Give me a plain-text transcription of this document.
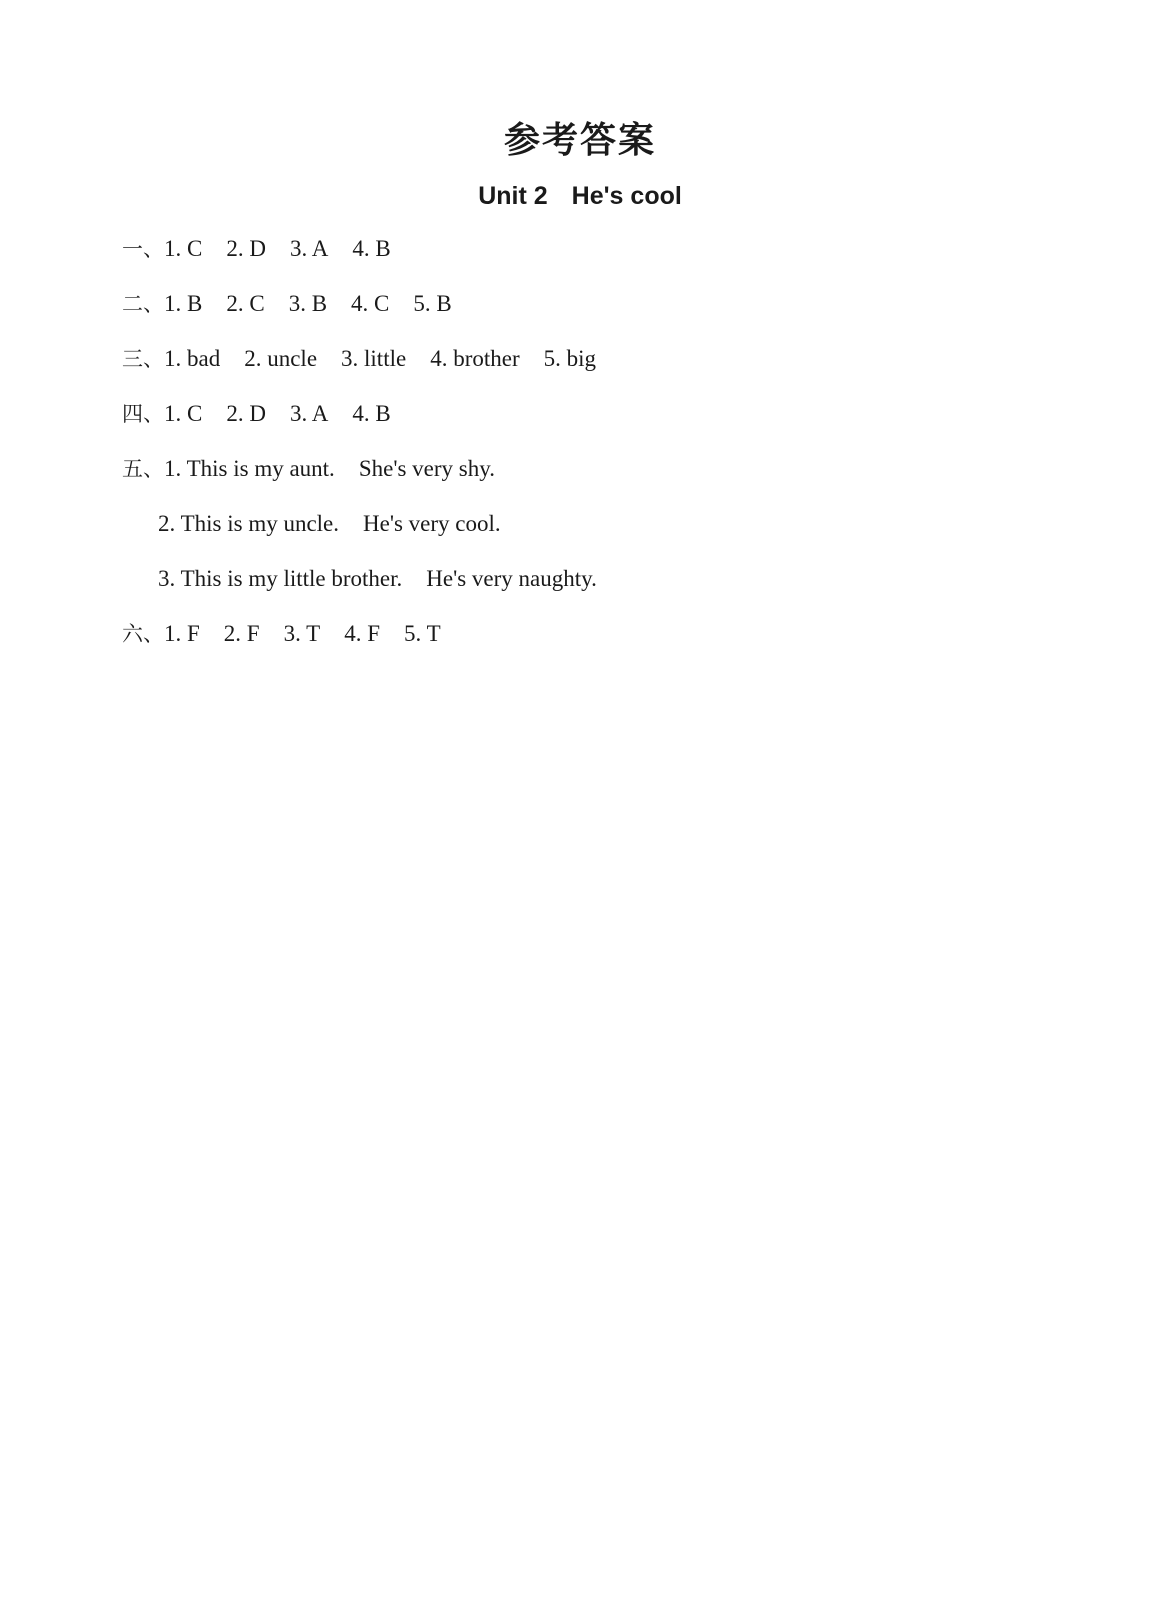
参考答案
Unit 2 He's cool
一、1. C 2. D 3. A 4. B
二、1. B 2. C 3. B 4. C 5. B
三、1. bad 2. uncle 3. little 4. brother 5. big
四、1. C 2. D 3. A 4. B
五、1. This is my aunt. She's very shy.
2. This is my uncle. He's very cool.
3. This is my little brother. He's very naughty.
六、1. F 2. F 3. T 4. F 5. T
